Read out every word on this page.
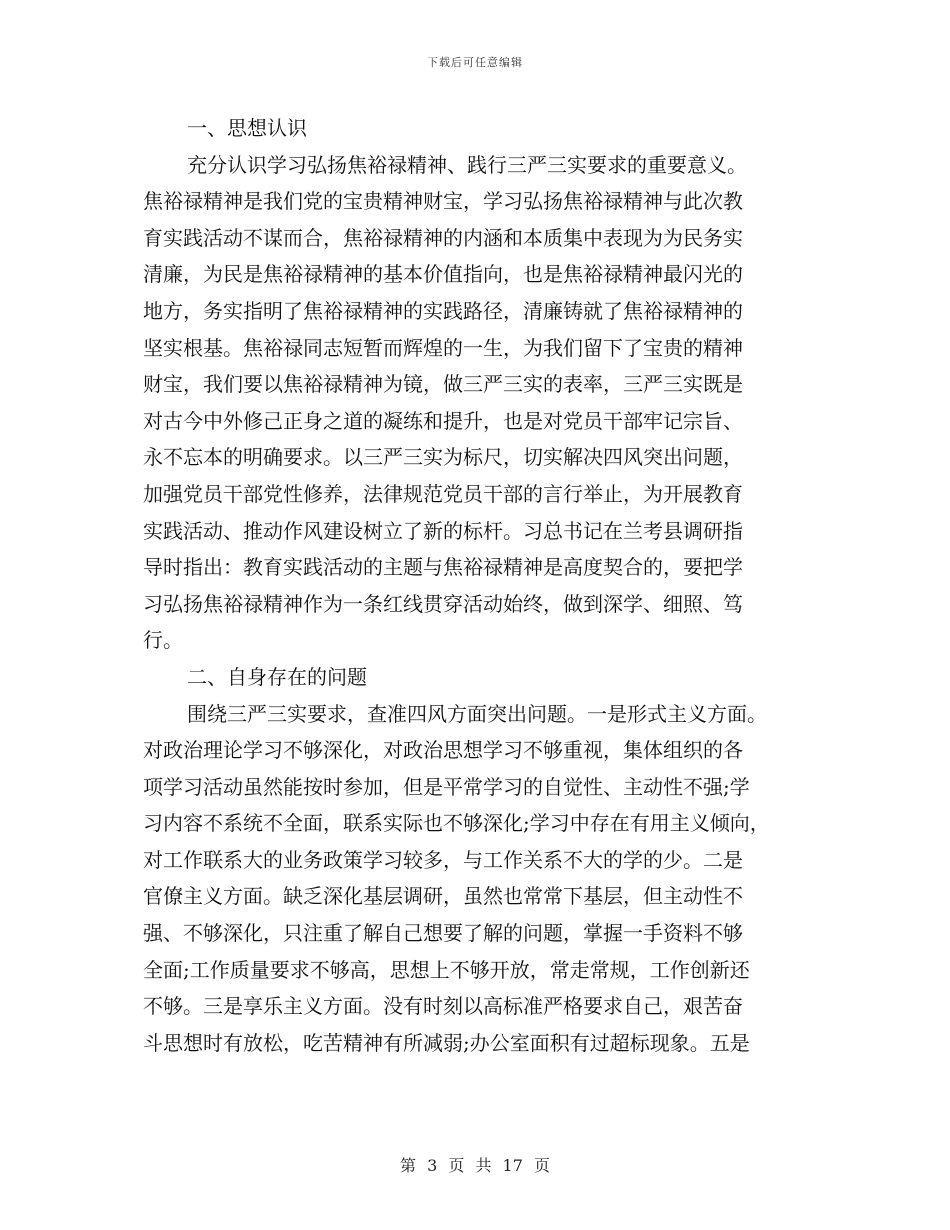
下载后可任意编辑
一、思想认识
充分认识学习弘扬焦裕禄精神、践行三严三实要求的重要意义。
焦裕禄精神是我们党的宝贵精神财宝，学习弘扬焦裕禄精神与此次教
育实践活动不谋而合，焦裕禄精神的内涵和本质集中表现为为民务实
清廉，为民是焦裕禄精神的基本价值指向，也是焦裕禄精神最闪光的
地方，务实指明了焦裕禄精神的实践路径，清廉铸就了焦裕禄精神的
坚实根基。焦裕禄同志短暂而辉煌的一生，为我们留下了宝贵的精神
财宝，我们要以焦裕禄精神为镜，做三严三实的表率，三严三实既是
对古今中外修己正身之道的凝练和提升，也是对党员干部牢记宗旨、
永不忘本的明确要求。以三严三实为标尺，切实解决四风突出问题，
加强党员干部党性修养，法律规范党员干部的言行举止，为开展教育
实践活动、推动作风建设树立了新的标杆。习总书记在兰考县调研指
导时指出：教育实践活动的主题与焦裕禄精神是高度契合的，要把学
习弘扬焦裕禄精神作为一条红线贯穿活动始终，做到深学、细照、笃
行。
二、自身存在的问题
围绕三严三实要求，查准四风方面突出问题。一是形式主义方面。
对政治理论学习不够深化，对政治思想学习不够重视，集体组织的各
项学习活动虽然能按时参加，但是平常学习的自觉性、主动性不强;学
习内容不系统不全面，联系实际也不够深化;学习中存在有用主义倾向，
对工作联系大的业务政策学习较多，与工作关系不大的学的少。二是
官僚主义方面。缺乏深化基层调研，虽然也常常下基层，但主动性不
强、不够深化，只注重了解自己想要了解的问题，掌握一手资料不够
全面;工作质量要求不够高，思想上不够开放，常走常规，工作创新还
不够。三是享乐主义方面。没有时刻以高标准严格要求自己，艰苦奋
斗思想时有放松，吃苦精神有所减弱;办公室面积有过超标现象。五是
第 3 页 共 17 页
